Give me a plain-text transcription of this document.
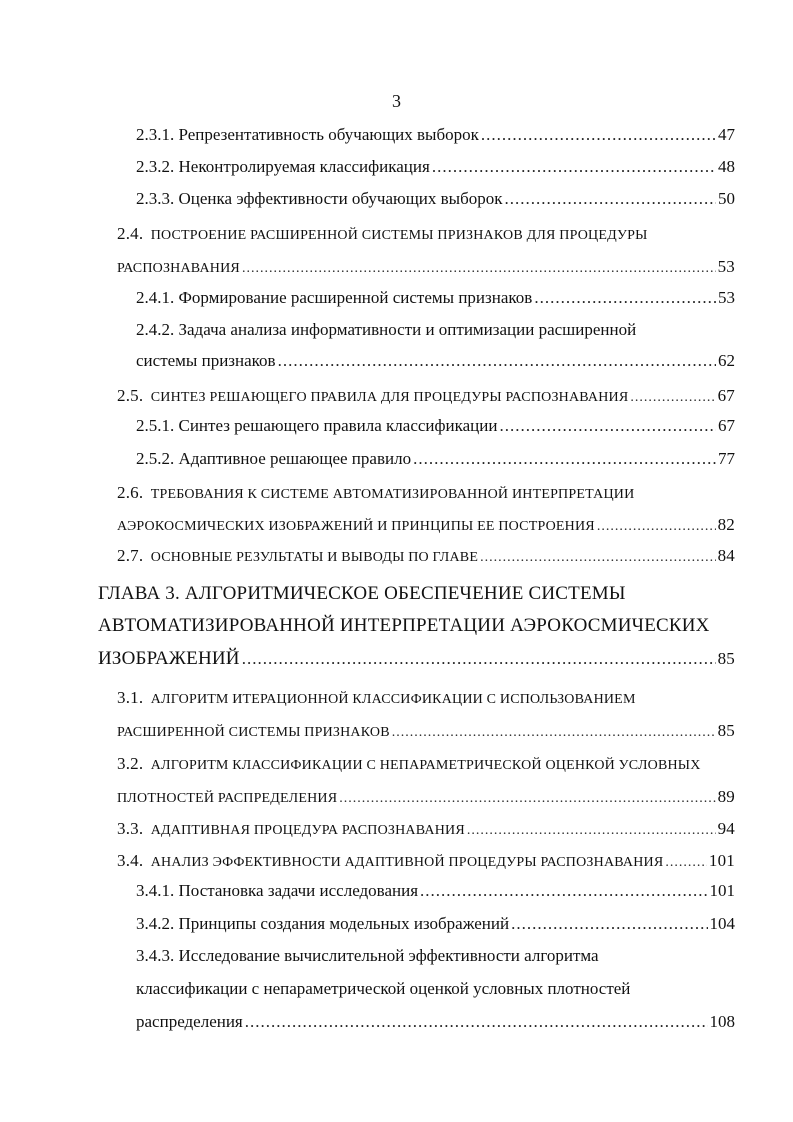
3
2.3.1. Репрезентативность обучающих выборок .....	47
2.3.2. Неконтролируемая классификация .....	48
2.3.3. Оценка эффективности обучающих выборок .....	50
2.4. ПОСТРОЕНИЕ РАСШИРЕННОЙ СИСТЕМЫ ПРИЗНАКОВ ДЛЯ ПРОЦЕДУРЫ
РАСПОЗНАВАНИЯ .....	53
2.4.1. Формирование расширенной системы признаков .....	53
2.4.2. Задача анализа информативности и оптимизации расширенной
системы признаков .....	62
2.5. СИНТЕЗ РЕШАЮЩЕГО ПРАВИЛА ДЛЯ ПРОЦЕДУРЫ РАСПОЗНАВАНИЯ .....	67
2.5.1. Синтез решающего правила классификации .....	67
2.5.2. Адаптивное решающее правило .....	77
2.6. ТРЕБОВАНИЯ К СИСТЕМЕ АВТОМАТИЗИРОВАННОЙ ИНТЕРПРЕТАЦИИ
АЭРОКОСМИЧЕСКИХ ИЗОБРАЖЕНИЙ И ПРИНЦИПЫ ЕЕ ПОСТРОЕНИЯ .....	82
2.7. ОСНОВНЫЕ РЕЗУЛЬТАТЫ И ВЫВОДЫ ПО ГЛАВЕ .....	84
ГЛАВА 3. АЛГОРИТМИЧЕСКОЕ ОБЕСПЕЧЕНИЕ СИСТЕМЫ
АВТОМАТИЗИРОВАННОЙ ИНТЕРПРЕТАЦИИ АЭРОКОСМИЧЕСКИХ
ИЗОБРАЖЕНИЙ .....	85
3.1. АЛГОРИТМ ИТЕРАЦИОННОЙ КЛАССИФИКАЦИИ С ИСПОЛЬЗОВАНИЕМ
РАСШИРЕННОЙ СИСТЕМЫ ПРИЗНАКОВ .....	85
3.2. АЛГОРИТМ КЛАССИФИКАЦИИ С НЕПАРАМЕТРИЧЕСКОЙ ОЦЕНКОЙ УСЛОВНЫХ
ПЛОТНОСТЕЙ РАСПРЕДЕЛЕНИЯ .....	89
3.3. АДАПТИВНАЯ ПРОЦЕДУРА РАСПОЗНАВАНИЯ .....	94
3.4. АНАЛИЗ ЭФФЕКТИВНОСТИ АДАПТИВНОЙ ПРОЦЕДУРЫ РАСПОЗНАВАНИЯ .....	101
3.4.1. Постановка задачи исследования .....	101
3.4.2. Принципы создания модельных изображений .....	104
3.4.3. Исследование вычислительной эффективности алгоритма
классификации с непараметрической оценкой условных плотностей
распределения .....	108
